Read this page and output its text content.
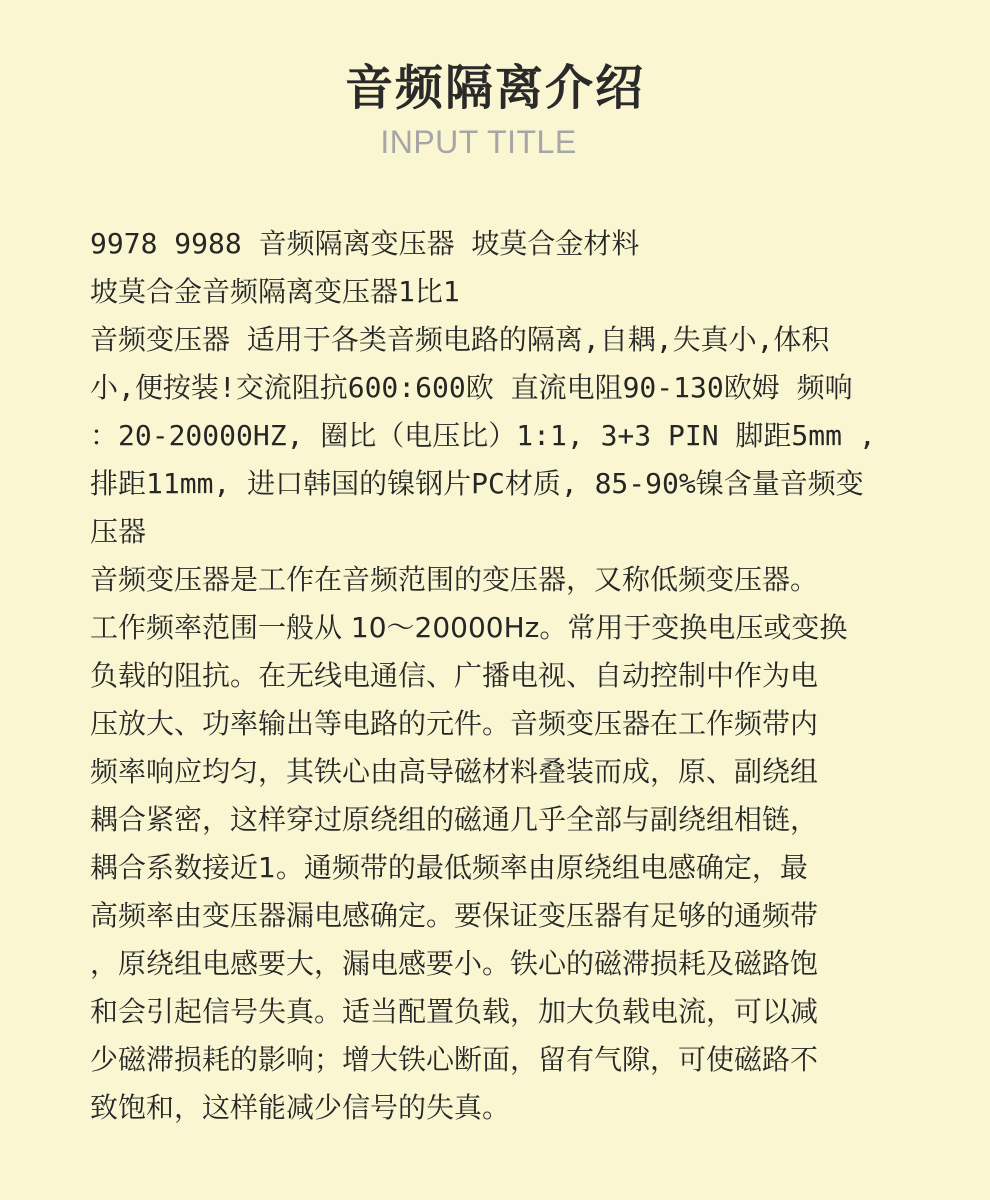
音频隔离介绍
INPUT TITLE
9978 9988 音频隔离变压器 坡莫合金材料
坡莫合金音频隔离变压器1比1
音频变压器 适用于各类音频电路的隔离,自耦,失真小,体积
小,便按装!交流阻抗600:600欧 直流电阻90-130欧姆 频响
：20-20000HZ, 圈比（电压比）1:1, 3+3 PIN 脚距5mm ,
排距11mm, 进口韩国的镍钢片PC材质, 85-90%镍含量音频变
压器
音频变压器是工作在音频范围的变压器，又称低频变压器。
工作频率范围一般从 10～20000Hz。常用于变换电压或变换
负载的阻抗。在无线电通信、广播电视、自动控制中作为电
压放大、功率输出等电路的元件。音频变压器在工作频带内
频率响应均匀，其铁心由高导磁材料叠装而成，原、副绕组
耦合紧密，这样穿过原绕组的磁通几乎全部与副绕组相链，
耦合系数接近1。通频带的最低频率由原绕组电感确定，最
高频率由变压器漏电感确定。要保证变压器有足够的通频带
，原绕组电感要大，漏电感要小。铁心的磁滞损耗及磁路饱
和会引起信号失真。适当配置负载，加大负载电流，可以减
少磁滞损耗的影响；增大铁心断面，留有气隙，可使磁路不
致饱和，这样能减少信号的失真。
